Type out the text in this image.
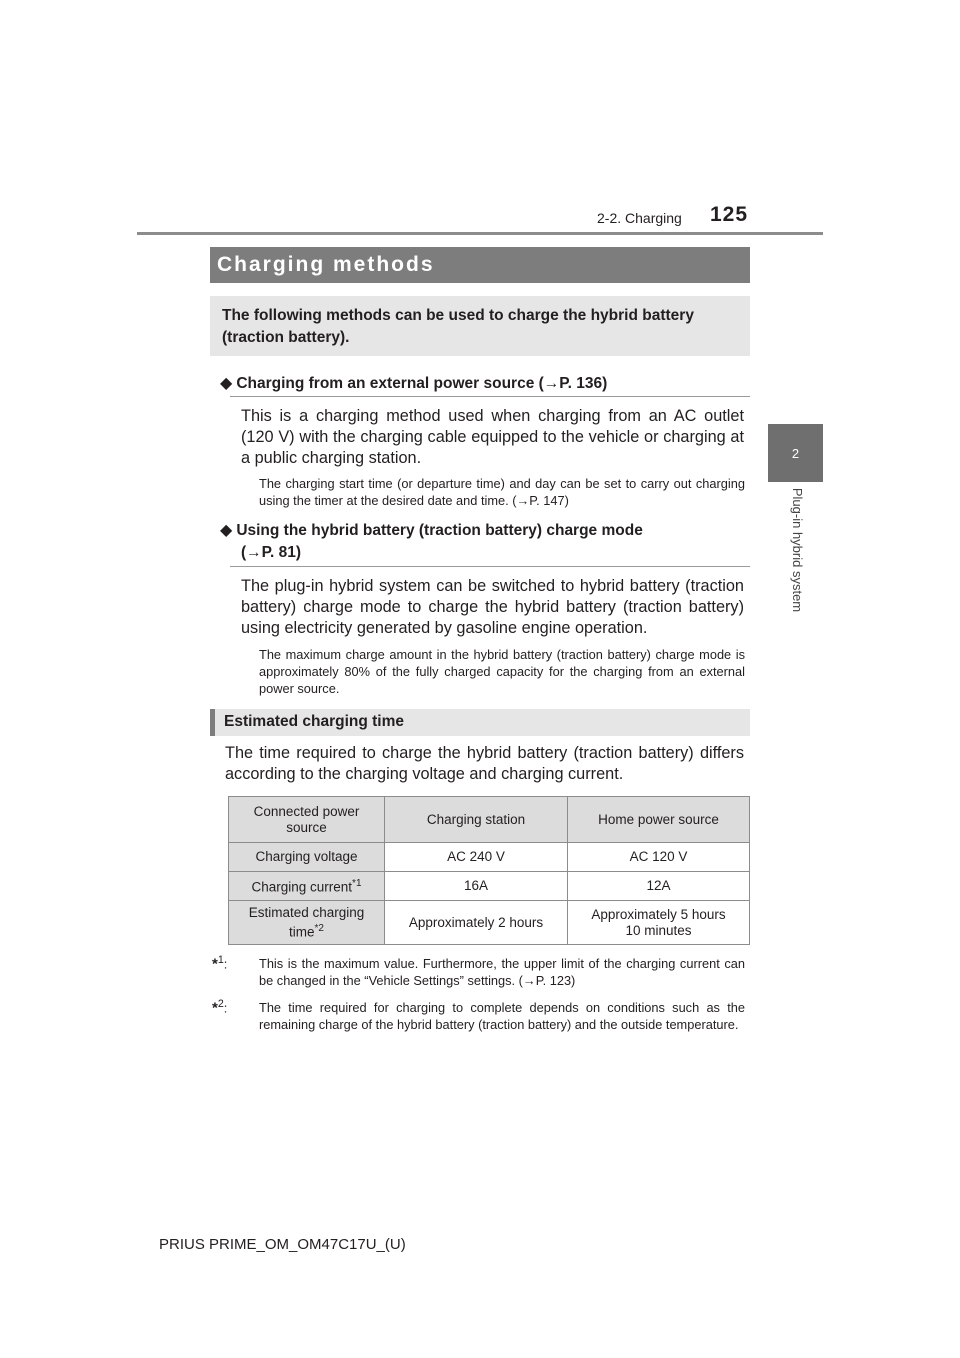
2-2. Charging 125
2
Plug-in hybrid system
Charging methods
The following methods can be used to charge the hybrid battery (traction battery).
◆ Charging from an external power source (→P. 136)
This is a charging method used when charging from an AC outlet (120 V) with the charging cable equipped to the vehicle or charging at a public charging station.
The charging start time (or departure time) and day can be set to carry out charging using the timer at the desired date and time. (→P. 147)
◆ Using the hybrid battery (traction battery) charge mode
(→P. 81)
The plug-in hybrid system can be switched to hybrid battery (traction battery) charge mode to charge the hybrid battery (traction battery) using electricity generated by gasoline engine operation.
The maximum charge amount in the hybrid battery (traction battery) charge mode is approximately 80% of the fully charged capacity for the charging from an external power source.
Estimated charging time
The time required to charge the hybrid battery (traction battery) differs according to the charging voltage and charging current.
Connected power source	Charging station	Home power source
Charging voltage	AC 240 V	AC 120 V
Charging current$^{*1}$	16A	12A
Estimated charging
time$^{*2}$	Approximately 2 hours	Approximately 5 hours
10 minutes
*$^1$: This is the maximum value. Furthermore, the upper limit of the charging current can be changed in the “Vehicle Settings” settings. (→P. 123)
*$^2$: The time required for charging to complete depends on conditions such as the remaining charge of the hybrid battery (traction battery) and the outside temperature.
PRIUS PRIME_OM_OM47C17U_(U)
